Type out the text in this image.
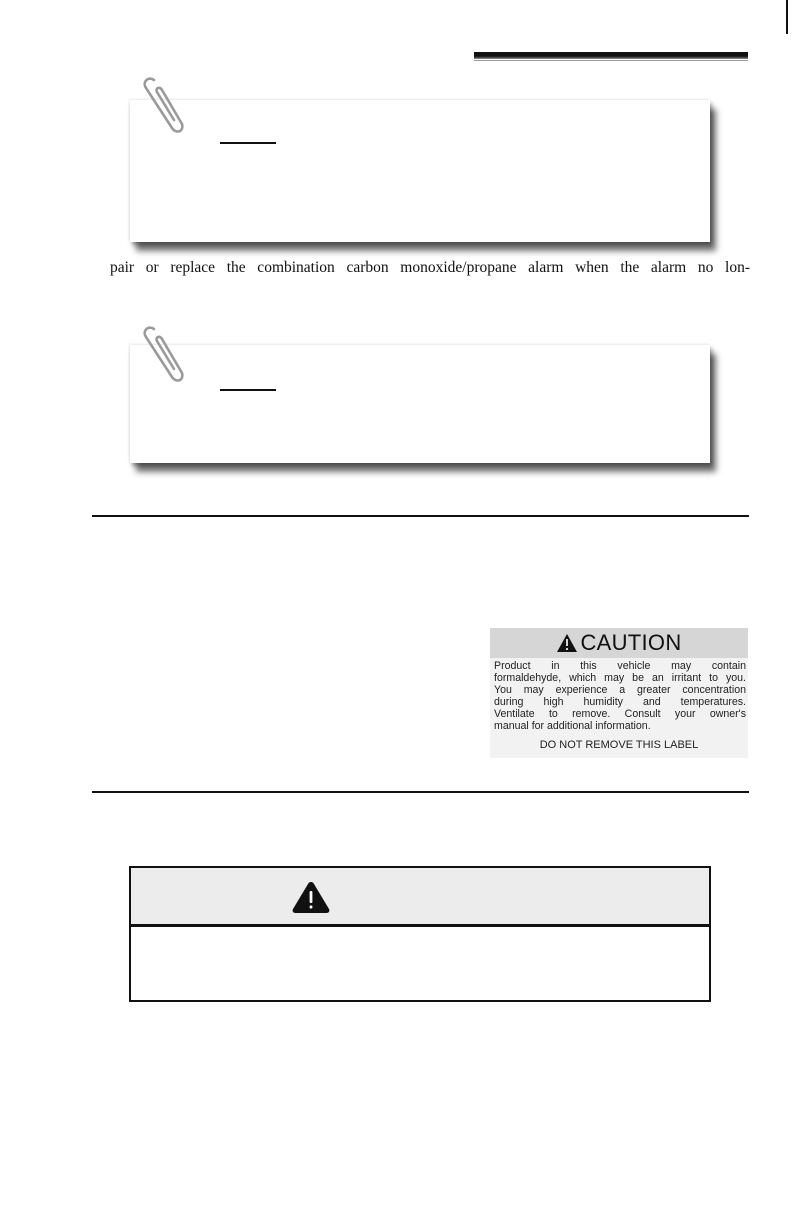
pair or replace the combination carbon monoxide/propane alarm when the alarm no lon-
CAUTION
Product in this vehicle may contain
formaldehyde, which may be an irritant to you.
You may experience a greater concentration
during high humidity and temperatures.
Ventilate to remove. Consult your owner's
manual for additional information.
DO NOT REMOVE THIS LABEL
